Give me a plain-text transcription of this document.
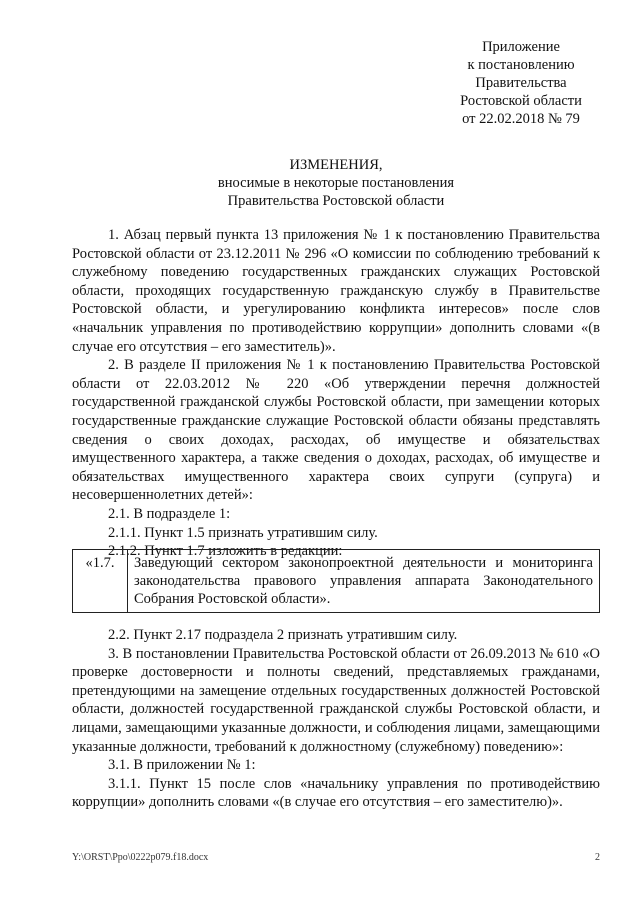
Приложение
к постановлению
Правительства
Ростовской области
от 22.02.2018 № 79
ИЗМЕНЕНИЯ,
вносимые в некоторые постановления
Правительства Ростовской области

1. Абзац первый пункта 13 приложения № 1 к постановлению Правительства Ростовской области от 23.12.2011 № 296 «О комиссии по соблюдению требований к служебному поведению государственных гражданских служащих Ростовской области, проходящих государственную гражданскую службу в Правительстве Ростовской области, и урегулированию конфликта интересов» после слов «начальник управления по противодействию коррупции» дополнить словами «(в случае его отсутствия – его заместитель)».

2. В разделе II приложения № 1 к постановлению Правительства Ростовской области от 22.03.2012 № 220 «Об утверждении перечня должностей государственной гражданской службы Ростовской области, при замещении которых государственные гражданские служащие Ростовской области обязаны представлять сведения о своих доходах, расходах, об имуществе и обязательствах имущественного характера, а также сведения о доходах, расходах, об имуществе и обязательствах имущественного характера своих супруги (супруга) и несовершеннолетних детей»:

2.1. В подразделе 1:

2.1.1. Пункт 1.5 признать утратившим силу.

2.1.2. Пункт 1.7 изложить в редакции:

«1.7.	Заведующий сектором законопроектной деятельности и мониторинга законодательства правового управления аппарата Законодательного Собрания Ростовской области».

2.2. Пункт 2.17 подраздела 2 признать утратившим силу.

3. В постановлении Правительства Ростовской области от 26.09.2013 № 610 «О проверке достоверности и полноты сведений, представляемых гражданами, претендующими на замещение отдельных государственных должностей Ростовской области, должностей государственной гражданской службы Ростовской области, и лицами, замещающими указанные должности, и соблюдения лицами, замещающими указанные должности, требований к должностному (служебному) поведению»:

3.1. В приложении № 1:

3.1.1. Пункт 15 после слов «начальнику управления по противодействию коррупции» дополнить словами «(в случае его отсутствия – его заместителю)».

Y:\ORST\Ppo\0222p079.f18.docx	2
